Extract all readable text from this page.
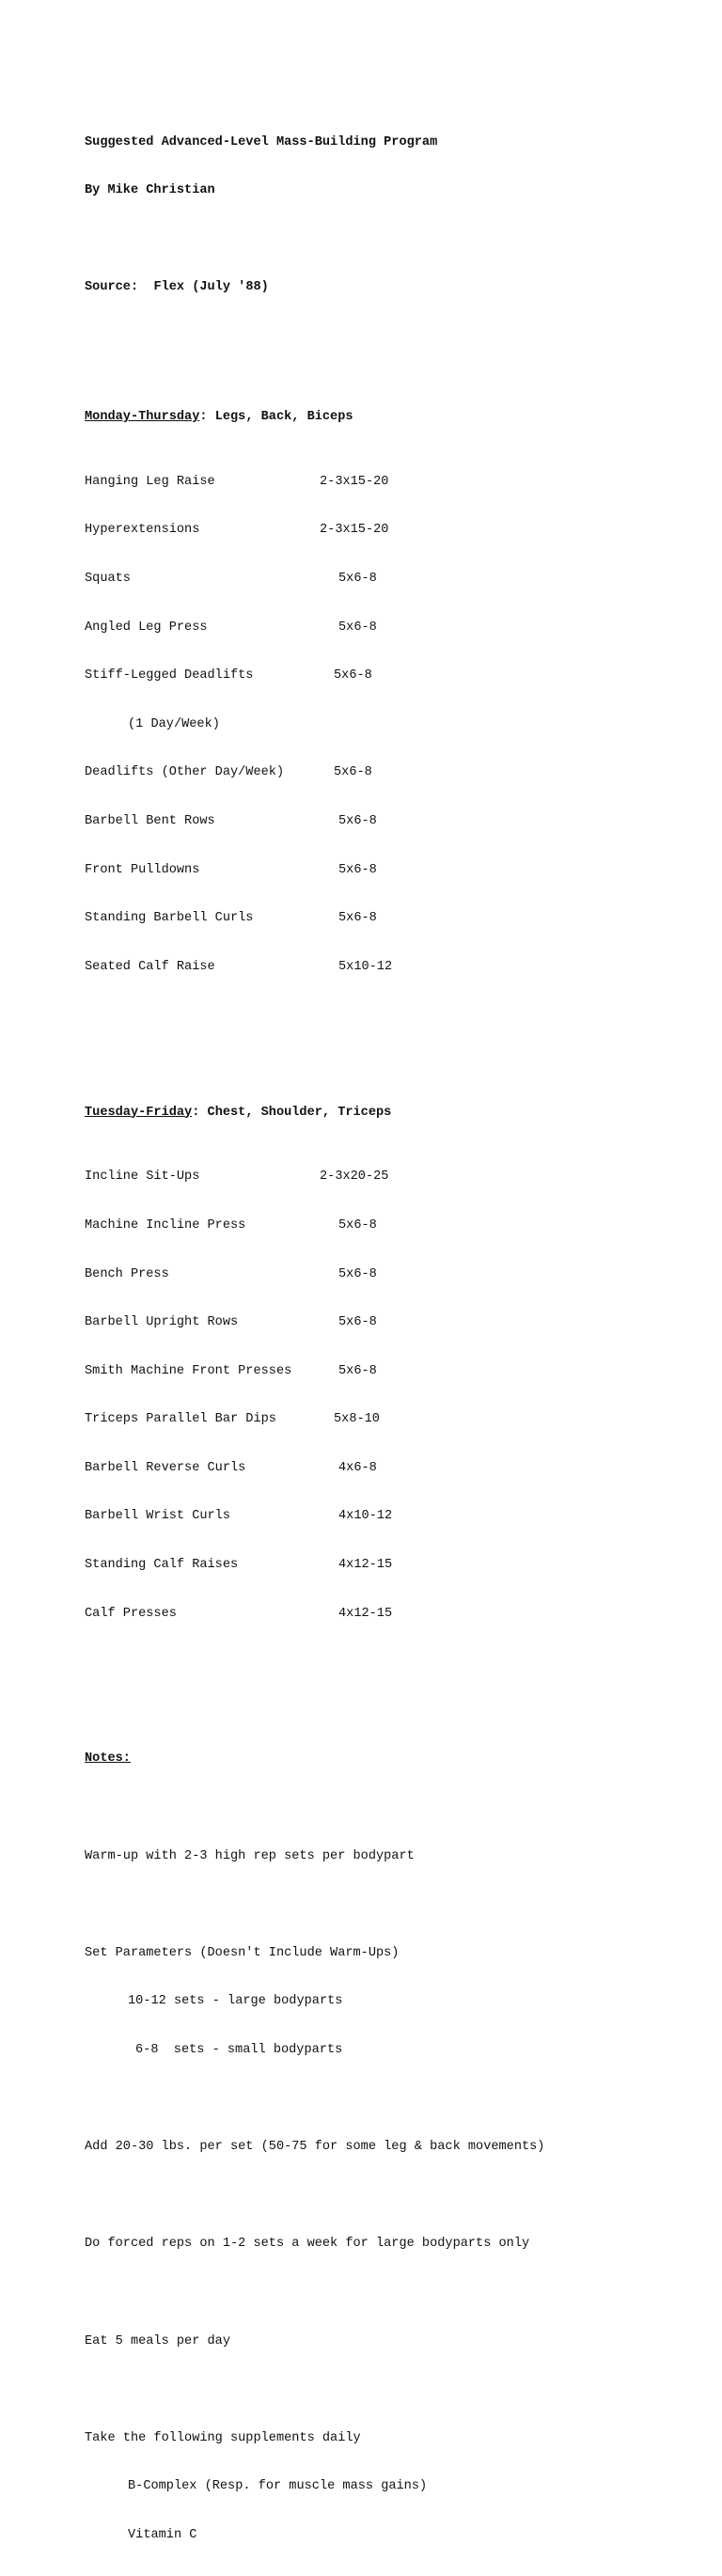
Suggested Advanced-Level Mass-Building Program

By Mike Christian

Source: Flex (July '88)

Monday-Thursday: Legs, Back, Biceps

Hanging Leg Raise	2-3x15-20

Hyperextensions	2-3x15-20

Squats	5x6-8

Angled Leg Press	5x6-8

Stiff-Legged Deadlifts	5x6-8

(1 Day/Week)

Deadlifts (Other Day/Week)	5x6-8

Barbell Bent Rows	5x6-8

Front Pulldowns	5x6-8

Standing Barbell Curls	5x6-8

Seated Calf Raise	5x10-12

Tuesday-Friday: Chest, Shoulder, Triceps

Incline Sit-Ups	2-3x20-25

Machine Incline Press	5x6-8

Bench Press	5x6-8

Barbell Upright Rows	5x6-8

Smith Machine Front Presses	5x6-8

Triceps Parallel Bar Dips	5x8-10

Barbell Reverse Curls	4x6-8

Barbell Wrist Curls	4x10-12

Standing Calf Raises	4x12-15

Calf Presses	4x12-15

Notes:

Warm-up with 2-3 high rep sets per bodypart

Set Parameters (Doesn't Include Warm-Ups)

10-12 sets - large bodyparts

6-8  sets - small bodyparts

Add 20-30 lbs. per set (50-75 for some leg & back movements)

Do forced reps on 1-2 sets a week for large bodyparts only

Eat 5 meals per day

Take the following supplements daily

B-Complex (Resp. for muscle mass gains)

Vitamin C
